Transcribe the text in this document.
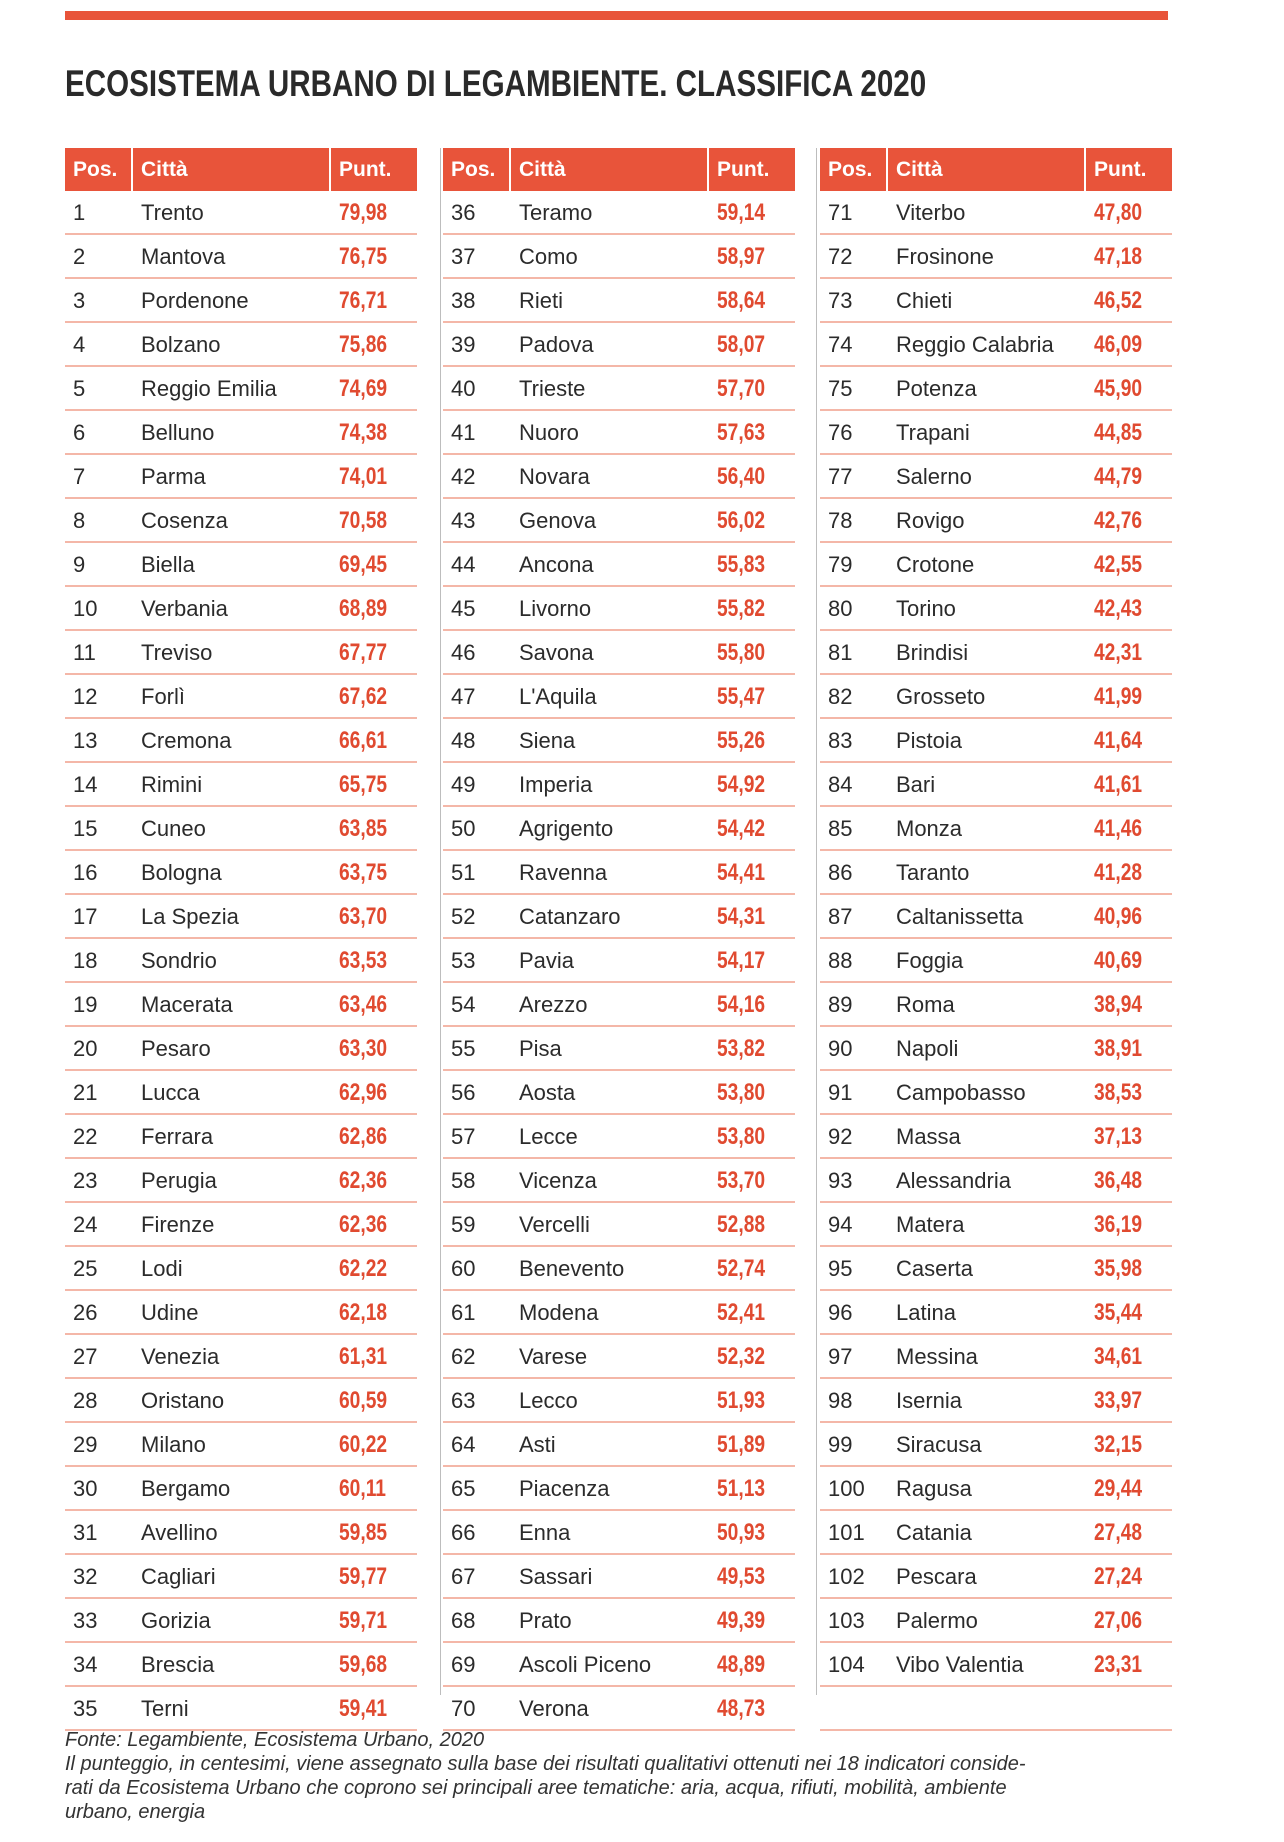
ECOSISTEMA URBANO DI LEGAMBIENTE. CLASSIFICA 2020
Pos. Città	Punt.
1	Trento	79,98
2	Mantova	76,75
3	Pordenone	76,71
4	Bolzano	75,86
5	Reggio Emilia	74,69
6	Belluno	74,38
7	Parma	74,01
8	Cosenza	70,58
9	Biella	69,45
10 Verbania	68,89
11 Treviso	67,77
12 Forlì	67,62
13 Cremona	66,61
14 Rimini	65,75
15 Cuneo	63,85
16 Bologna	63,75
17 La Spezia	63,70
18 Sondrio	63,53
19 Macerata	63,46
20 Pesaro	63,30
21 Lucca	62,96
22 Ferrara	62,86
23 Perugia	62,36
24 Firenze	62,36
25 Lodi	62,22
26 Udine	62,18
27 Venezia	61,31
28 Oristano	60,59
29 Milano	60,22
30 Bergamo	60,11
31 Avellino	59,85
32 Cagliari	59,77
33 Gorizia	59,71
34 Brescia	59,68
35 Terni	59,41
Pos. Città	Punt.
36 Teramo	59,14
37 Como	58,97
38 Rieti	58,64
39 Padova	58,07
40 Trieste	57,70
41 Nuoro	57,63
42 Novara	56,40
43 Genova	56,02
44 Ancona	55,83
45 Livorno	55,82
46 Savona	55,80
47 L'Aquila	55,47
48 Siena	55,26
49 Imperia	54,92
50 Agrigento	54,42
51 Ravenna	54,41
52 Catanzaro	54,31
53 Pavia	54,17
54 Arezzo	54,16
55 Pisa	53,82
56 Aosta	53,80
57 Lecce	53,80
58 Vicenza	53,70
59 Vercelli	52,88
60 Benevento	52,74
61 Modena	52,41
62 Varese	52,32
63 Lecco	51,93
64 Asti	51,89
65 Piacenza	51,13
66 Enna	50,93
67 Sassari	49,53
68 Prato	49,39
69 Ascoli Piceno	48,89
70 Verona	48,73
Pos. Città	Punt.
71 Viterbo	47,80
72 Frosinone	47,18
73 Chieti	46,52
74 Reggio Calabria 46,09
75 Potenza	45,90
76 Trapani	44,85
77 Salerno	44,79
78 Rovigo	42,76
79 Crotone	42,55
80 Torino	42,43
81 Brindisi	42,31
82 Grosseto	41,99
83 Pistoia	41,64
84 Bari	41,61
85 Monza	41,46
86 Taranto	41,28
87 Caltanissetta	40,96
88 Foggia	40,69
89 Roma	38,94
90 Napoli	38,91
91 Campobasso	38,53
92 Massa	37,13
93 Alessandria	36,48
94 Matera	36,19
95 Caserta	35,98
96 Latina	35,44
97 Messina	34,61
98 Isernia	33,97
99 Siracusa	32,15
100 Ragusa	29,44
101 Catania	27,48
102 Pescara	27,24
103 Palermo	27,06
104 Vibo Valentia	23,31

Fonte: Legambiente, Ecosistema Urbano, 2020

Il punteggio, in centesimi, viene assegnato sulla base dei risultati qualitativi ottenuti nei 18 indicatori conside-

rati da Ecosistema Urbano che coprono sei principali aree tematiche: aria, acqua, rifiuti, mobilità, ambiente

urbano, energia
